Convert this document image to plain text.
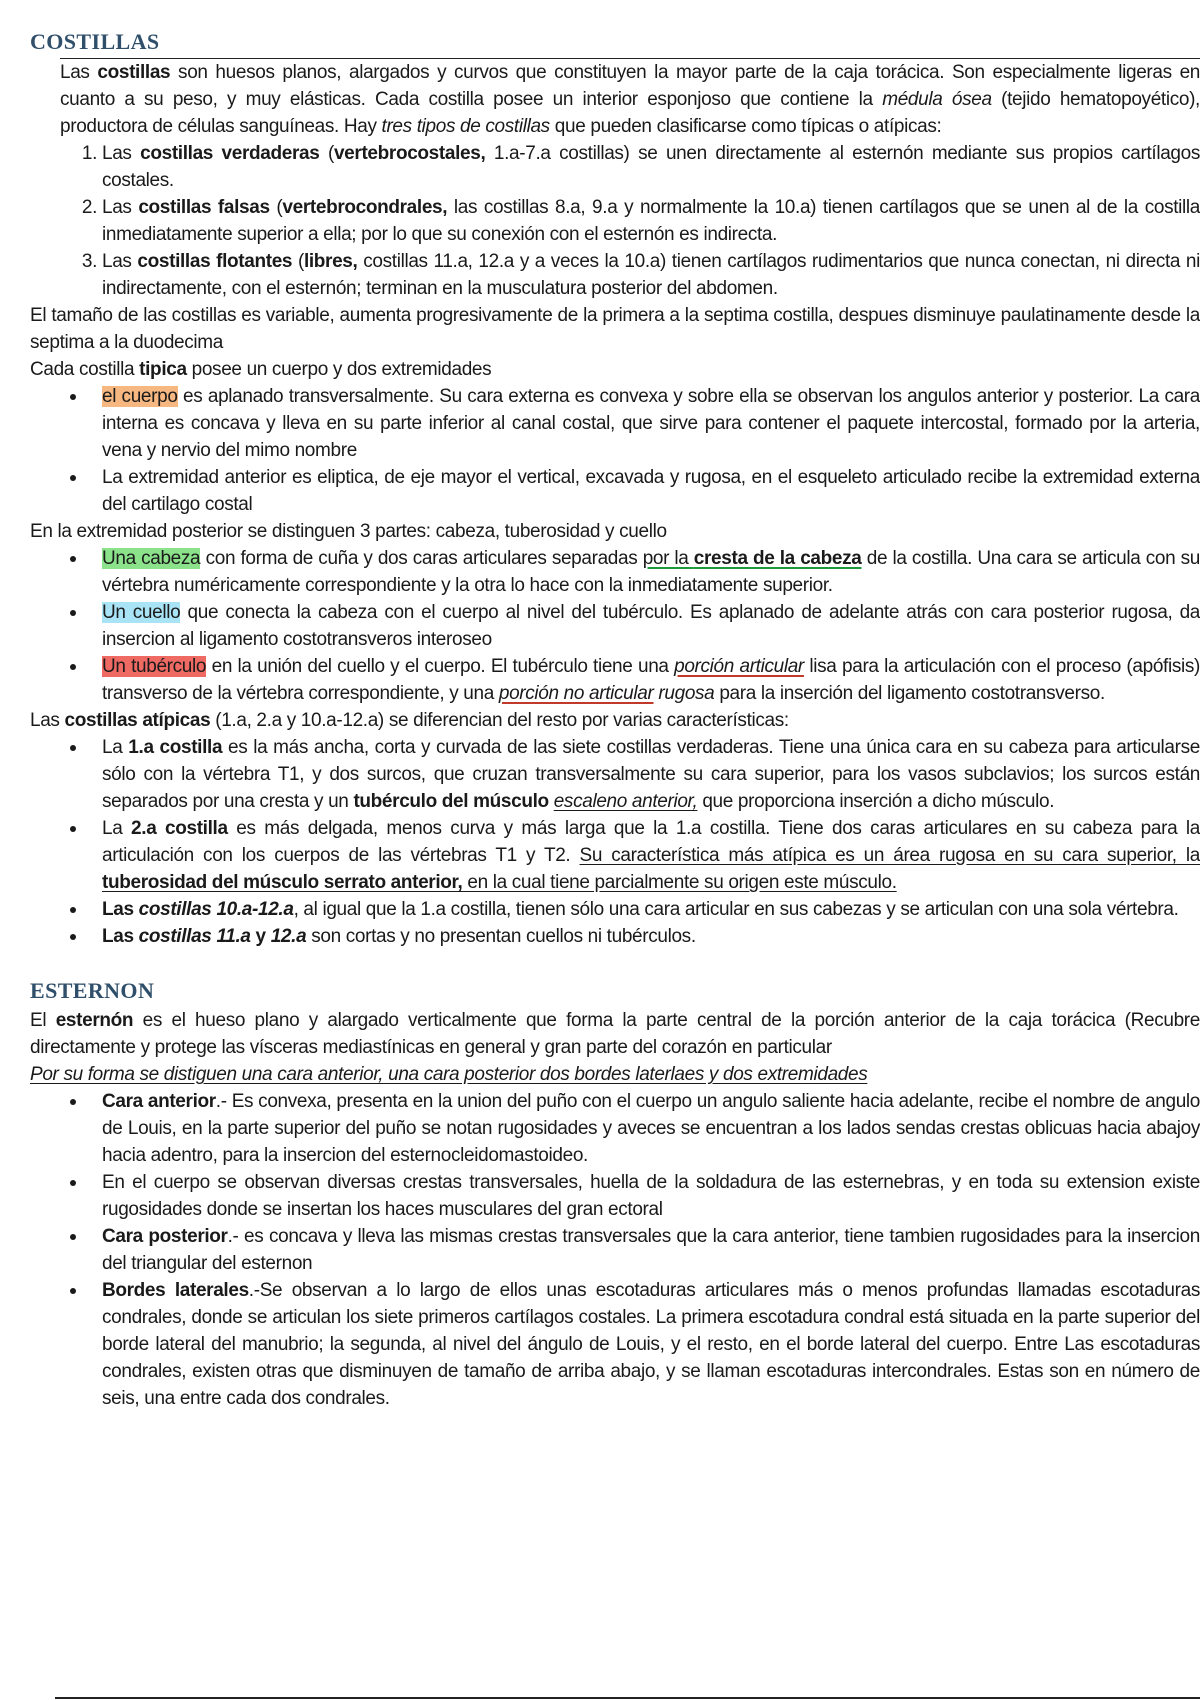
COSTILLAS

Las costillas son huesos planos, alargados y curvos que constituyen la mayor parte de la caja torácica. Son especialmente ligeras en cuanto a su peso, y muy elásticas. Cada costilla posee un interior esponjoso que contiene la médula ósea (tejido hematopoyético), productora de células sanguíneas. Hay tres tipos de costillas que pueden clasificarse como típicas o atípicas:

1. Las costillas verdaderas (vertebrocostales, 1.a-7.a costillas) se unen directamente al esternón mediante sus propios cartílagos costales.
2. Las costillas falsas (vertebrocondrales, las costillas 8.a, 9.a y normalmente la 10.a) tienen cartílagos que se unen al de la costilla inmediatamente superior a ella; por lo que su conexión con el esternón es indirecta.
3. Las costillas flotantes (libres, costillas 11.a, 12.a y a veces la 10.a) tienen cartílagos rudimentarios que nunca conectan, ni directa ni indirectamente, con el esternón; terminan en la musculatura posterior del abdomen.

El tamaño de las costillas es variable, aumenta progresivamente de la primera a la septima costilla, despues disminuye paulatinamente desde la septima a la duodecima

Cada costilla tipica posee un cuerpo y dos extremidades

el cuerpo es aplanado transversalmente. Su cara externa es convexa y sobre ella se observan los angulos anterior y posterior. La cara interna es concava y lleva en su parte inferior al canal costal, que sirve para contener el paquete intercostal, formado por la arteria, vena y nervio del mimo nombre
La extremidad anterior es eliptica, de eje mayor el vertical, excavada y rugosa, en el esqueleto articulado recibe la extremidad externa del cartilago costal

En la extremidad posterior se distinguen 3 partes: cabeza, tuberosidad y cuello

Una cabeza con forma de cuña y dos caras articulares separadas por la cresta de la cabeza de la costilla. Una cara se articula con su vértebra numéricamente correspondiente y la otra lo hace con la inmediatamente superior.
Un cuello que conecta la cabeza con el cuerpo al nivel del tubérculo. Es aplanado de adelante atrás con cara posterior rugosa, da insercion al ligamento costotransveros interoseo
Un tubérculo en la unión del cuello y el cuerpo. El tubérculo tiene una porción articular lisa para la articulación con el proceso (apófisis) transverso de la vértebra correspondiente, y una porción no articular rugosa para la inserción del ligamento costotransverso.

Las costillas atípicas (1.a, 2.a y 10.a-12.a) se diferencian del resto por varias características:

La 1.a costilla es la más ancha, corta y curvada de las siete costillas verdaderas. Tiene una única cara en su cabeza para articularse sólo con la vértebra T1, y dos surcos, que cruzan transversalmente su cara superior, para los vasos subclavios; los surcos están separados por una cresta y un tubérculo del músculo escaleno anterior, que proporciona inserción a dicho músculo.
La 2.a costilla es más delgada, menos curva y más larga que la 1.a costilla. Tiene dos caras articulares en su cabeza para la articulación con los cuerpos de las vértebras T1 y T2. Su característica más atípica es un área rugosa en su cara superior, la tuberosidad del músculo serrato anterior, en la cual tiene parcialmente su origen este músculo.
Las costillas 10.a-12.a, al igual que la 1.a costilla, tienen sólo una cara articular en sus cabezas y se articulan con una sola vértebra.
Las costillas 11.a y 12.a son cortas y no presentan cuellos ni tubérculos.
ESTERNON

El esternón es el hueso plano y alargado verticalmente que forma la parte central de la porción anterior de la caja torácica (Recubre directamente y protege las vísceras mediastínicas en general y gran parte del corazón en particular

Por su forma se distiguen una cara anterior, una cara posterior dos bordes laterlaes y dos extremidades

Cara anterior.- Es convexa, presenta en la union del puño con el cuerpo un angulo saliente hacia adelante, recibe el nombre de angulo de Louis, en la parte superior del puño se notan rugosidades y aveces se encuentran a los lados sendas crestas oblicuas hacia abajoy hacia adentro, para la insercion del esternocleidomastoideo.
En el cuerpo se observan diversas crestas transversales, huella de la soldadura de las esternebras, y en toda su extension existe rugosidades donde se insertan los haces musculares del gran ectoral
Cara posterior.- es concava y lleva las mismas crestas transversales que la cara anterior, tiene tambien rugosidades para la insercion del triangular del esternon
Bordes laterales.-Se observan a lo largo de ellos unas escotaduras articulares más o menos profundas llamadas escotaduras condrales, donde se articulan los siete primeros cartílagos costales. La primera escotadura condral está situada en la parte superior del borde lateral del manubrio; la segunda, al nivel del ángulo de Louis, y el resto, en el borde lateral del cuerpo. Entre Las escotaduras condrales, existen otras que disminuyen de tamaño de arriba abajo, y se llaman escotaduras intercondrales. Estas son en número de seis, una entre cada dos condrales.
